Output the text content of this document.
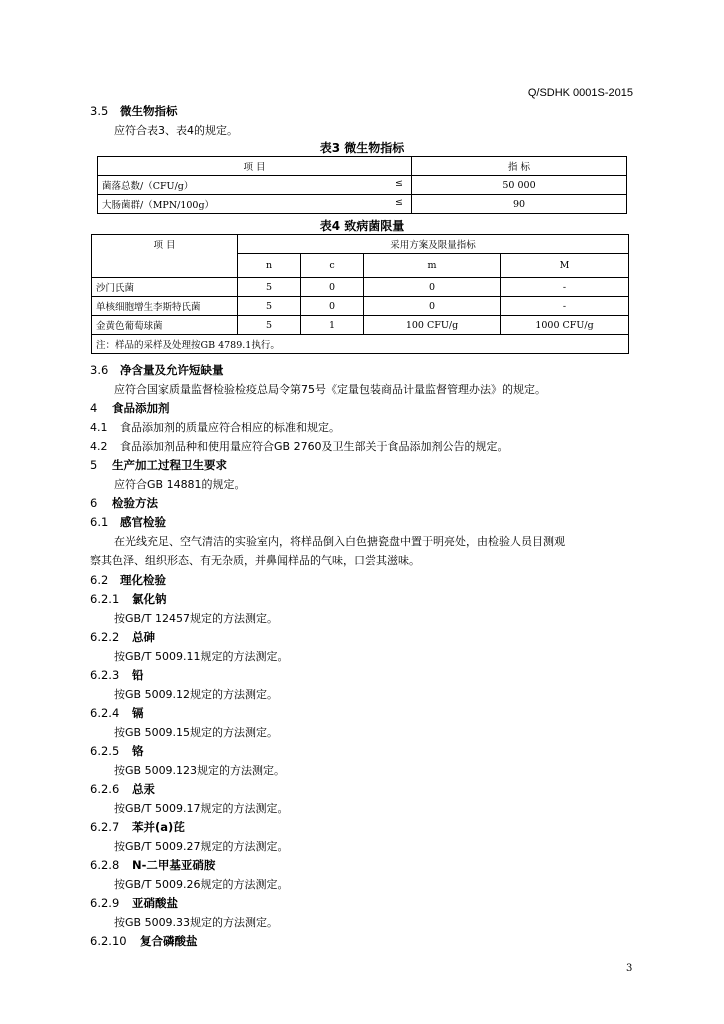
Q/SDHK 0001S-2015
3.5 微生物指标
应符合表3、表4的规定。
表3 微生物指标
项 目	指 标
菌落总数/（CFU/g） ≤	50 000
大肠菌群/（MPN/100g） ≤	90
表4 致病菌限量
项 目	采用方案及限量指标			
	n	c	m	M
沙门氏菌	5	0	0	-
单核细胞增生李斯特氏菌	5	0	0	-
金黄色葡萄球菌	5	1	100 CFU/g	1000 CFU/g
注：样品的采样及处理按GB 4789.1执行。				
3.6 净含量及允许短缺量
应符合国家质量监督检验检疫总局令第75号《定量包装商品计量监督管理办法》的规定。
4 食品添加剂
4.1 食品添加剂的质量应符合相应的标准和规定。
4.2 食品添加剂品种和使用量应符合GB 2760及卫生部关于食品添加剂公告的规定。
5 生产加工过程卫生要求
应符合GB 14881的规定。
6 检验方法
6.1 感官检验
在光线充足、空气清洁的实验室内，将样品倒入白色搪瓷盘中置于明亮处，由检验人员目测观
察其色泽、组织形态、有无杂质，并鼻闻样品的气味，口尝其滋味。
6.2 理化检验
6.2.1 氯化钠
按GB/T 12457规定的方法测定。
6.2.2 总砷
按GB/T 5009.11规定的方法测定。
6.2.3 铅
按GB 5009.12规定的方法测定。
6.2.4 镉
按GB 5009.15规定的方法测定。
6.2.5 铬
按GB 5009.123规定的方法测定。
6.2.6 总汞
按GB/T 5009.17规定的方法测定。
6.2.7 苯并(a)芘
按GB/T 5009.27规定的方法测定。
6.2.8 N-二甲基亚硝胺
按GB/T 5009.26规定的方法测定。
6.2.9 亚硝酸盐
按GB 5009.33规定的方法测定。
6.2.10 复合磷酸盐
3
